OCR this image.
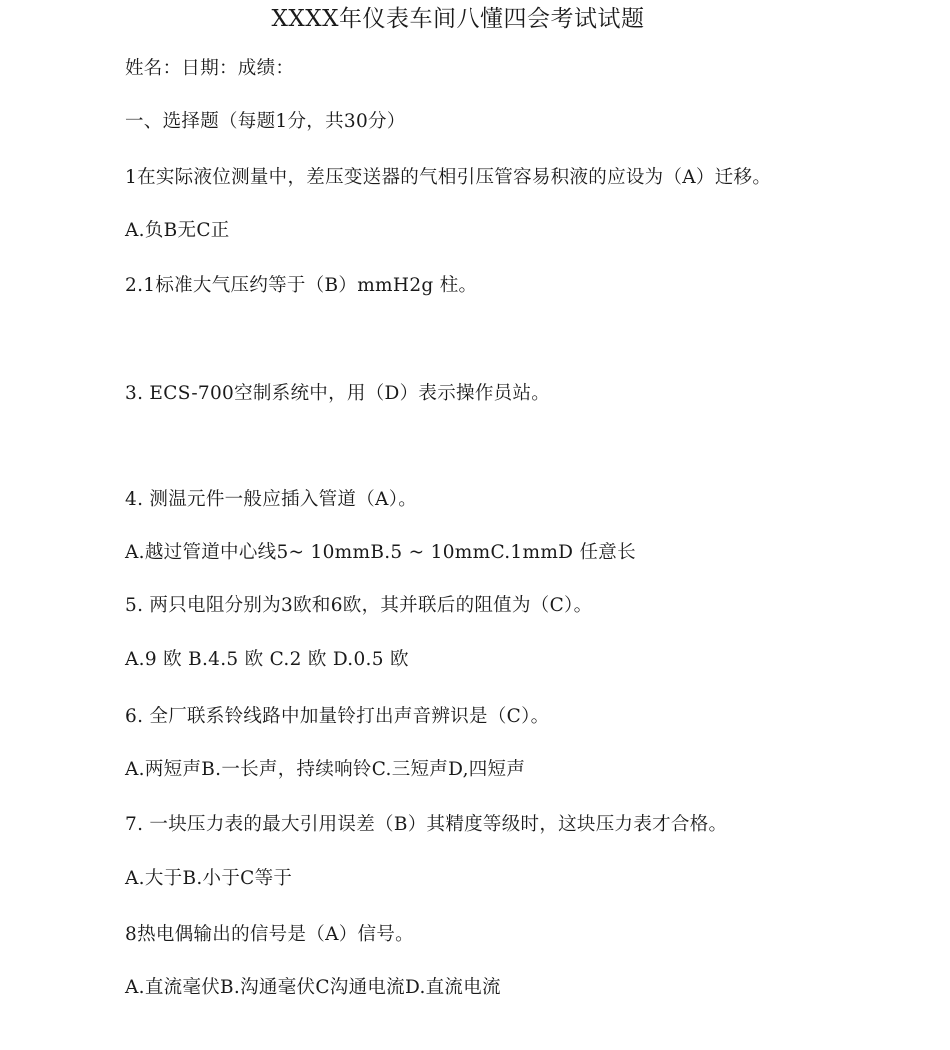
XXXX年仪表车间八懂四会考试试题
姓名：日期：成绩：
一、选择题（每题1分，共30分）
1在实际液位测量中，差压变送器的气相引压管容易积液的应设为（A）迁移。
A.负B无C正
2.1标准大气压约等于（B）mmH2g 柱。
3. ECS-700空制系统中，用（D）表示操作员站。
4. 测温元件一般应插入管道（A）。
A.越过管道中心线5~ 10mmB.5 ~ 10mmC.1mmD 任意长
5. 两只电阻分别为3欧和6欧，其并联后的阻值为（C）。
A.9 欧 B.4.5 欧 C.2 欧 D.0.5 欧
6. 全厂联系铃线路中加量铃打出声音辨识是（C）。
A.两短声B.一长声，持续响铃C.三短声D,四短声
7. 一块压力表的最大引用误差（B）其精度等级时，这块压力表才合格。
A.大于B.小于C等于
8热电偶输出的信号是（A）信号。
A.直流毫伏B.沟通毫伏C沟通电流D.直流电流
